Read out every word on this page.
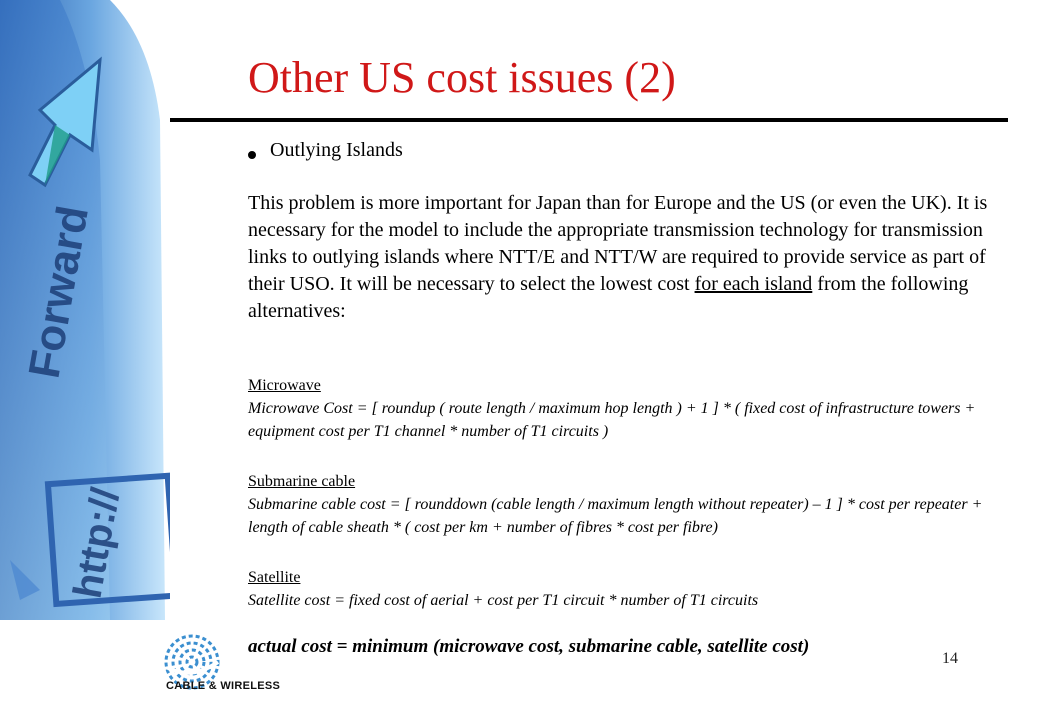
Forward
http://
Other US cost issues (2)
Outlying Islands

This problem is more important for Japan than for Europe and the US (or even the UK). It is necessary for the model to include the appropriate transmission technology for transmission links to outlying islands where NTT/E and NTT/W are required to provide service as part of their USO. It will be necessary to select the lowest cost for each island from the following alternatives:

Microwave
Microwave Cost = [ roundup ( route length / maximum hop length ) + 1 ] * ( fixed cost of infrastructure towers + equipment cost per T1 channel * number of T1 circuits )
Submarine cable
Submarine cable cost = [ rounddown (cable length / maximum length without repeater) – 1 ] * cost per repeater + length of cable sheath * ( cost per km + number of fibres * cost per fibre)
Satellite
Satellite cost = fixed cost of aerial + cost per T1 circuit * number of T1 circuits
actual cost = minimum (microwave cost, submarine cable, satellite cost)
14
CABLE & WIRELESS
